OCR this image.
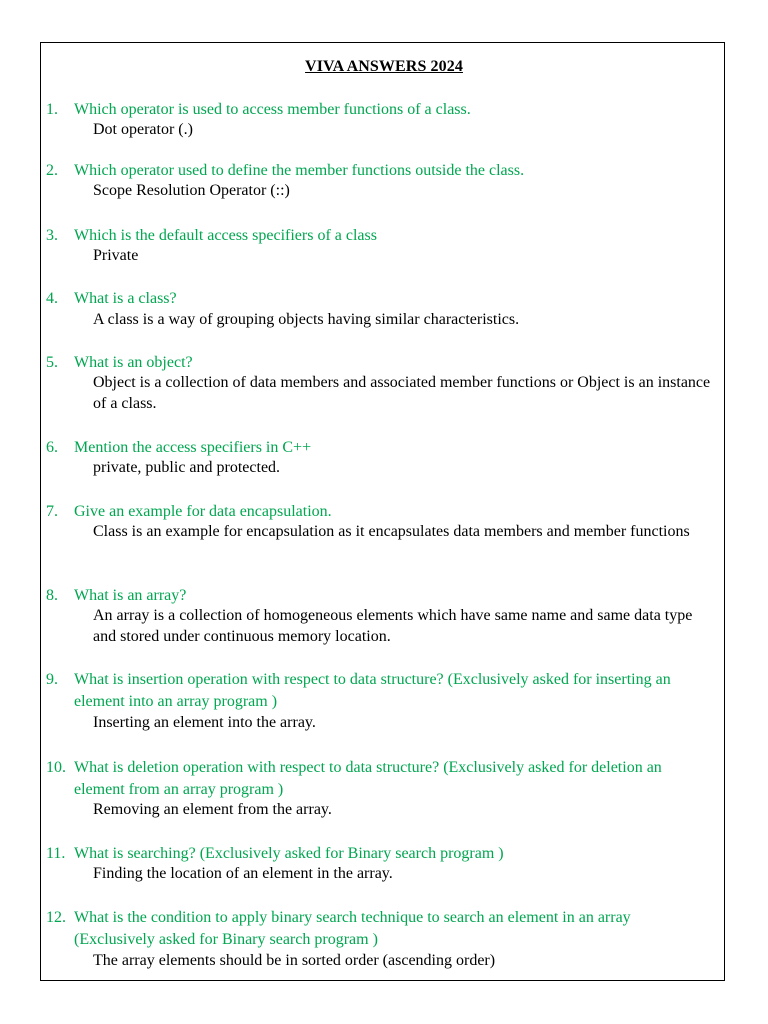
VIVA ANSWERS 2024
1. Which operator is used to access member functions of a class.
Dot operator (.)
2. Which operator used to define the member functions outside the class.
Scope Resolution Operator (::)
3. Which is the default access specifiers of a class
Private
4. What is a class?
A class is a way of grouping objects having similar characteristics.
5. What is an object?
Object is a collection of data members and associated member functions or Object is an instance of a class.
6. Mention the access specifiers in C++
private, public and protected.
7. Give an example for data encapsulation.
Class is an example for encapsulation as it encapsulates data members and member functions
8. What is an array?
An array is a collection of homogeneous elements which have same name and same data type and stored under continuous memory location.
9. What is insertion operation with respect to data structure? (Exclusively asked for inserting an element into an array program )
Inserting an element into the array.
10. What is deletion operation with respect to data structure? (Exclusively asked for deletion an element from an array program )
Removing an element from the array.
11. What is searching? (Exclusively asked for Binary search program )
Finding the location of an element in the array.
12. What is the condition to apply binary search technique to search an element in an array (Exclusively asked for Binary search program )
The array elements should be in sorted order (ascending order)
